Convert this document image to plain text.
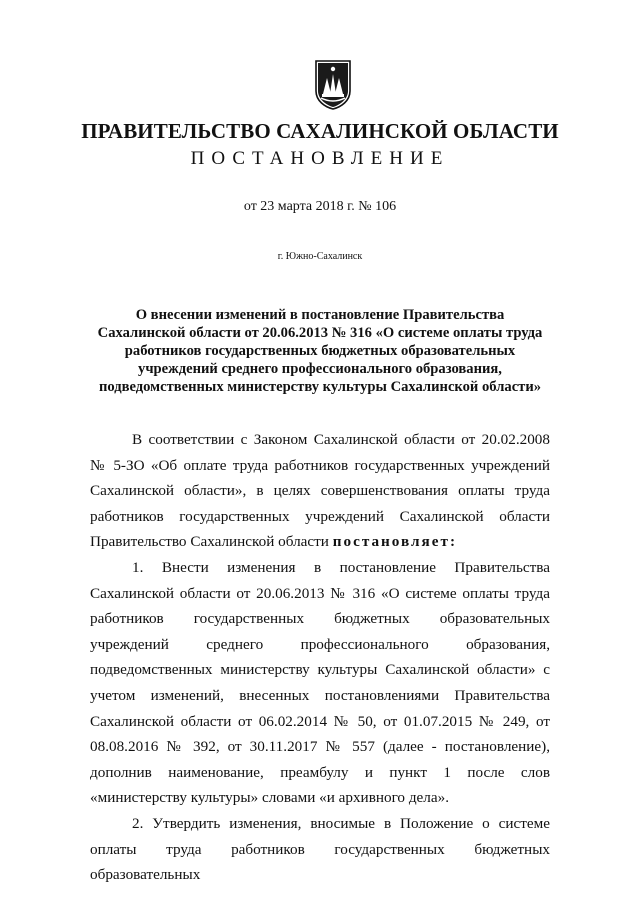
ПРАВИТЕЛЬСТВО САХАЛИНСКОЙ ОБЛАСТИ
ПОСТАНОВЛЕНИЕ
от 23 марта 2018 г. № 106
г. Южно-Сахалинск
О внесении изменений в постановление Правительства Сахалинской области от 20.06.2013 № 316 «О системе оплаты труда работников государственных бюджетных образовательных учреждений среднего профессионального образования, подведомственных министерству культуры Сахалинской области»

В соответствии с Законом Сахалинской области от 20.02.2008 № 5-ЗО «Об оплате труда работников государственных учреждений Сахалинской области», в целях совершенствования оплаты труда работников государственных учреждений Сахалинской области Правительство Сахалинской области постановляет:

1. Внести изменения в постановление Правительства Сахалинской области от 20.06.2013 № 316 «О системе оплаты труда работников государственных бюджетных образовательных учреждений среднего профессионального образования, подведомственных министерству культуры Сахалинской области» с учетом изменений, внесенных постановлениями Правительства Сахалинской области от 06.02.2014 № 50, от 01.07.2015 № 249, от 08.08.2016 № 392, от 30.11.2017 № 557 (далее - постановление), дополнив наименование, преамбулу и пункт 1 после слов «министерству культуры» словами «и архивного дела».

2. Утвердить изменения, вносимые в Положение о системе оплаты труда работников государственных бюджетных образовательных
